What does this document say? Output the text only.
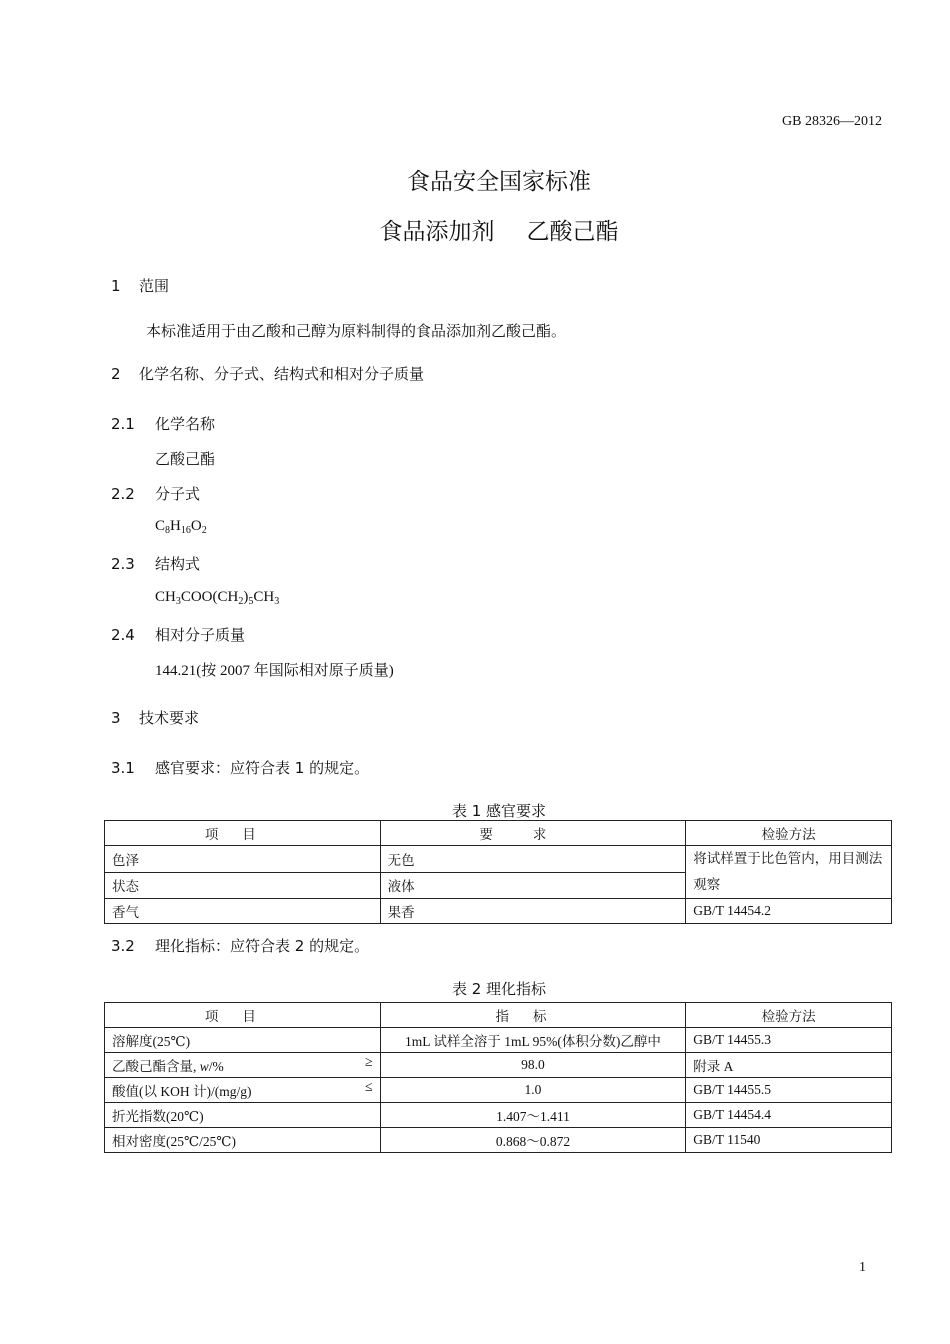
GB 28326—2012
食品安全国家标准
食品添加剂 乙酸己酯
1 范围
本标准适用于由乙酸和己醇为原料制得的食品添加剂乙酸己酯。
2 化学名称、分子式、结构式和相对分子质量
2.1 化学名称
乙酸己酯
2.2 分子式
$C_8H_{16}O_2$
2.3 结构式
$CH_3COO(CH_2)_5CH_3$
2.4 相对分子质量
144.21(按 2007 年国际相对原子质量)
3 技术要求
3.1 感官要求：应符合表 1 的规定。
表 1 感官要求
项目	要求	检验方法
色泽	无色	将试样置于比色管内，用目测法观察
状态	液体	
香气	果香	GB/T 14454.2
3.2 理化指标：应符合表 2 的规定。
表 2 理化指标
项目	指标	检验方法
溶解度(25℃)	1mL 试样全溶于 1mL 95%(体积分数)乙醇中	GB/T 14455.3
乙酸己酯含量, w/% ≥	98.0	附录 A
酸值(以 KOH 计)/(mg/g) ≤	1.0	GB/T 14455.5
折光指数(20℃)	1.407～1.411	GB/T 14454.4
相对密度(25℃/25℃)	0.868～0.872	GB/T 11540
1
